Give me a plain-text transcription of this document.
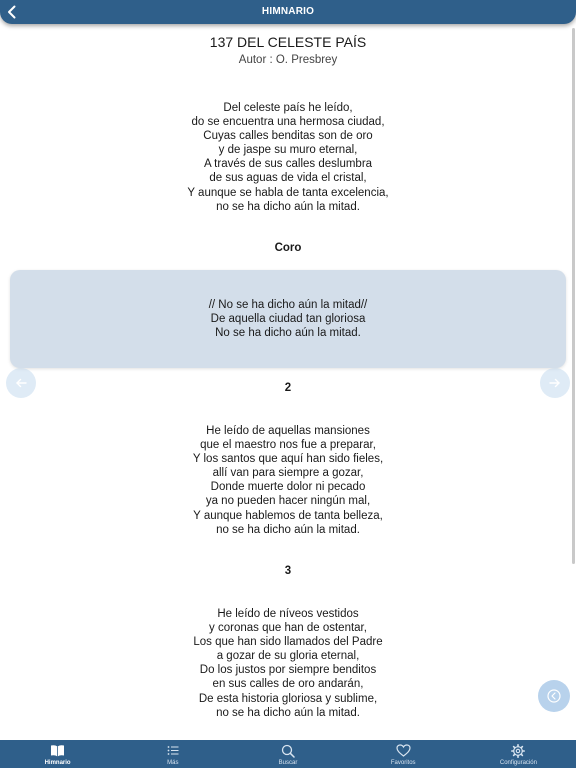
HIMNARIO
137 DEL CELESTE PAÍS
Autor : O. Presbrey
Del celeste país he leído,
do se encuentra una hermosa ciudad,
Cuyas calles benditas son de oro
y de jaspe su muro eternal,
A través de sus calles deslumbra
de sus aguas de vida el cristal,
Y aunque se habla de tanta excelencia,
no se ha dicho aún la mitad.
Coro
// No se ha dicho aún la mitad//
De aquella ciudad tan gloriosa
No se ha dicho aún la mitad.
2
He leído de aquellas mansiones
que el maestro nos fue a preparar,
Y los santos que aquí han sido fieles,
allí van para siempre a gozar,
Donde muerte dolor ni pecado
ya no pueden hacer ningún mal,
Y aunque hablemos de tanta belleza,
no se ha dicho aún la mitad.
3
He leído de níveos vestidos
y coronas que han de ostentar,
Los que han sido llamados del Padre
a gozar de su gloria eternal,
Do los justos por siempre benditos
en sus calles de oro andarán,
De esta historia gloriosa y sublime,
no se ha dicho aún la mitad.
Himnario	Más	Buscar	Favoritos	Configuración
